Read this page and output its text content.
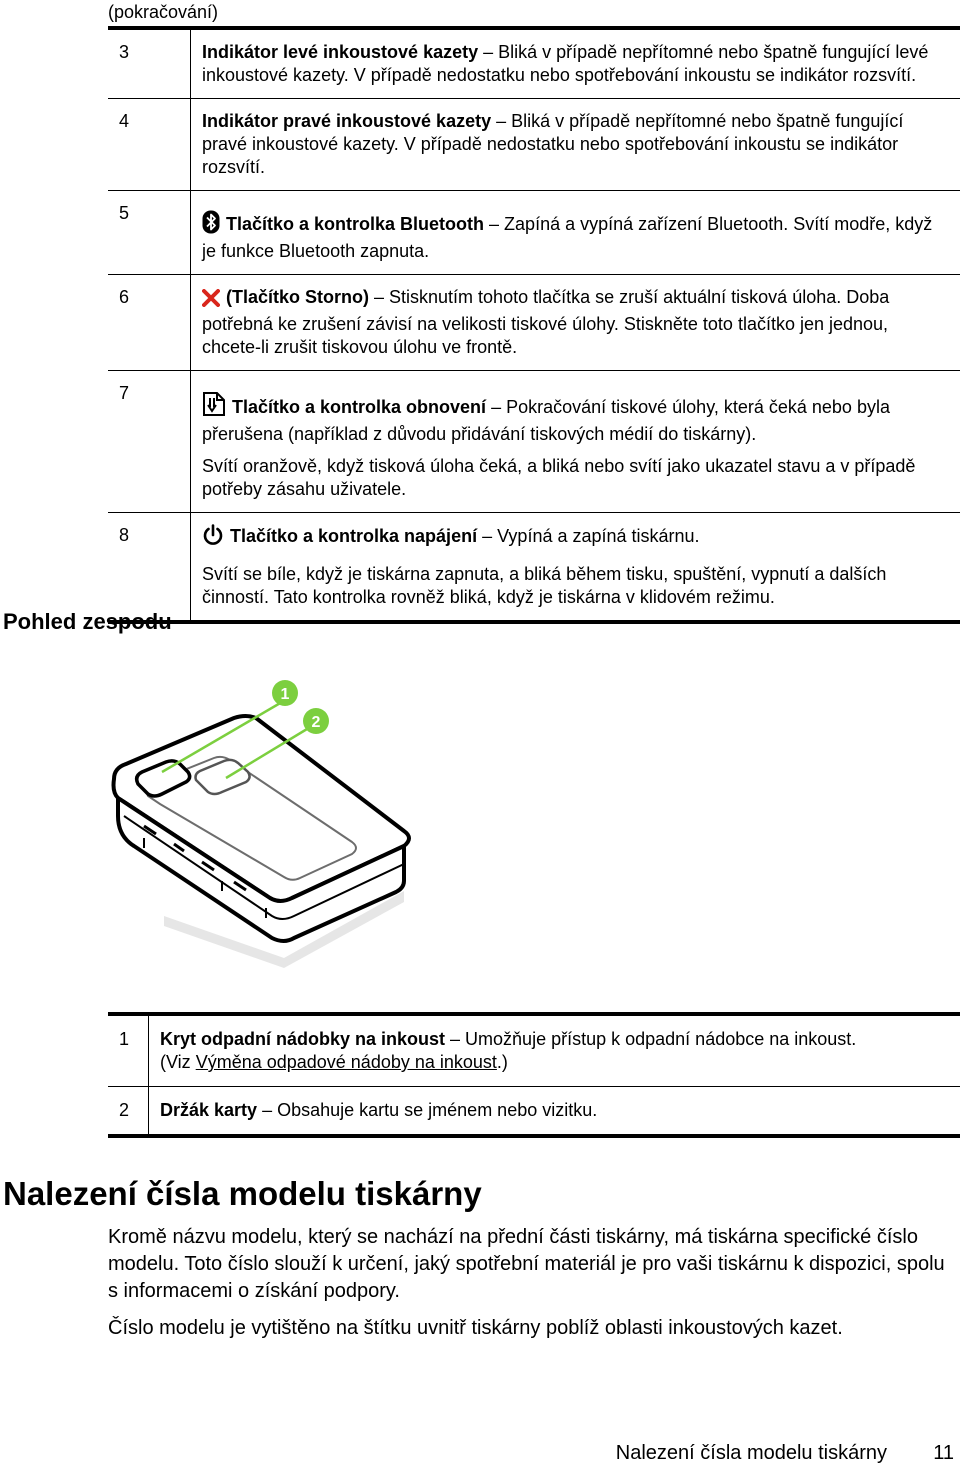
(pokračování)
3	Indikátor levé inkoustové kazety – Bliká v případě nepřítomné nebo špatně fungující levé inkoustové kazety. V případě nedostatku nebo spotřebování inkoustu se indikátor rozsvítí.
4	Indikátor pravé inkoustové kazety – Bliká v případě nepřítomné nebo špatně fungující pravé inkoustové kazety. V případě nedostatku nebo spotřebování inkoustu se indikátor rozsvítí.
5	Tlačítko a kontrolka Bluetooth – Zapíná a vypíná zařízení Bluetooth. Svítí modře, když je funkce Bluetooth zapnuta.

6	(Tlačítko Storno) – Stisknutím tohoto tlačítka se zruší aktuální tisková úloha. Doba potřebná ke zrušení závisí na velikosti tiskové úlohy. Stiskněte toto tlačítko jen jednou, chcete-li zrušit tiskovou úlohu ve frontě.
7	Tlačítko a kontrolka obnovení – Pokračování tiskové úlohy, která čeká nebo byla přerušena (například z důvodu přidávání tiskových médií do tiskárny).
Svítí oranžově, když tisková úloha čeká, a bliká nebo svítí jako ukazatel stavu a v případě potřeby zásahu uživatele.

8	Tlačítko a kontrolka napájení – Vypíná a zapíná tiskárnu.
Svítí se bíle, když je tiskárna zapnuta, a bliká během tisku, spuštění, vypnutí a dalších činností. Tato kontrolka rovněž bliká, když je tiskárna v klidovém režimu.
Pohled zespodu
1
2
1	Kryt odpadní nádobky na inkoust – Umožňuje přístup k odpadní nádobce na inkoust.
(Viz Výměna odpadové nádoby na inkoust.)
2	Držák karty – Obsahuje kartu se jménem nebo vizitku.
Nalezení čísla modelu tiskárny

Kromě názvu modelu, který se nachází na přední části tiskárny, má tiskárna specifické číslo modelu. Toto číslo slouží k určení, jaký spotřební materiál je pro vaši tiskárnu k dispozici, spolu s informacemi o získání podpory.

Číslo modelu je vytištěno na štítku uvnitř tiskárny poblíž oblasti inkoustových kazet.

Nalezení čísla modelu tiskárny 11
